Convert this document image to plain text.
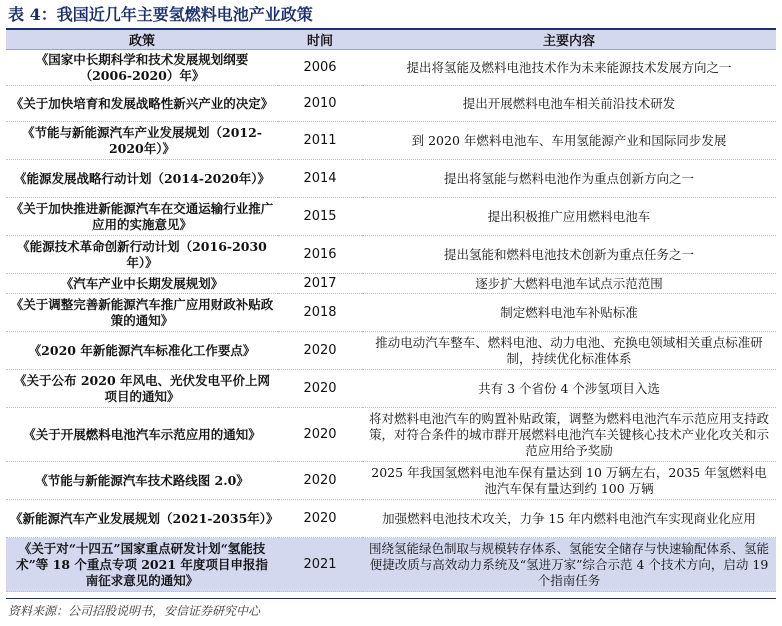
表 4：我国近几年主要氢燃料电池产业政策
政策	时间	主要内容
《国家中长期科学和技术发展规划纲要（2006-2020）年》	2006	提出将氢能及燃料电池技术作为未来能源技术发展方向之一
《关于加快培育和发展战略性新兴产业的决定》	2010	提出开展燃料电池车相关前沿技术研发
《节能与新能源汽车产业发展规划（2012-2020年）》	2011	到 2020 年燃料电池车、车用氢能源产业和国际同步发展
《能源发展战略行动计划（2014-2020年）》	2014	提出将氢能与燃料电池作为重点创新方向之一
《关于加快推进新能源汽车在交通运输行业推广应用的实施意见》	2015	提出积极推广应用燃料电池车
《能源技术革命创新行动计划（2016-2030年）》	2016	提出氢能和燃料电池技术创新为重点任务之一
《汽车产业中长期发展规划》	2017	逐步扩大燃料电池车试点示范范围
《关于调整完善新能源汽车推广应用财政补贴政策的通知》	2018	制定燃料电池车补贴标准
《2020 年新能源汽车标准化工作要点》	2020	推动电动汽车整车、燃料电池、动力电池、充换电领域相关重点标准研制，持续优化标准体系
《关于公布 2020 年风电、光伏发电平价上网项目的通知》	2020	共有 3 个省份 4 个涉氢项目入选
《关于开展燃料电池汽车示范应用的通知》	2020	将对燃料电池汽车的购置补贴政策，调整为燃料电池汽车示范应用支持政策，对符合条件的城市群开展燃料电池汽车关键核心技术产业化攻关和示范应用给予奖励
《节能与新能源汽车技术路线图 2.0》	2020	2025 年我国氢燃料电池车保有量达到 10 万辆左右，2035 年氢燃料电池汽车保有量达到约 100 万辆
《新能源汽车产业发展规划（2021-2035年）》	2020	加强燃料电池技术攻关，力争 15 年内燃料电池汽车实现商业化应用
《关于对“十四五”国家重点研发计划“氢能技术”等 18 个重点专项 2021 年度项目申报指南征求意见的通知》	2021	围绕氢能绿色制取与规模转存体系、氢能安全储存与快速输配体系、氢能便捷改质与高效动力系统及“氢进万家”综合示范 4 个技术方向，启动 19 个指南任务
资料来源：公司招股说明书，安信证券研究中心
